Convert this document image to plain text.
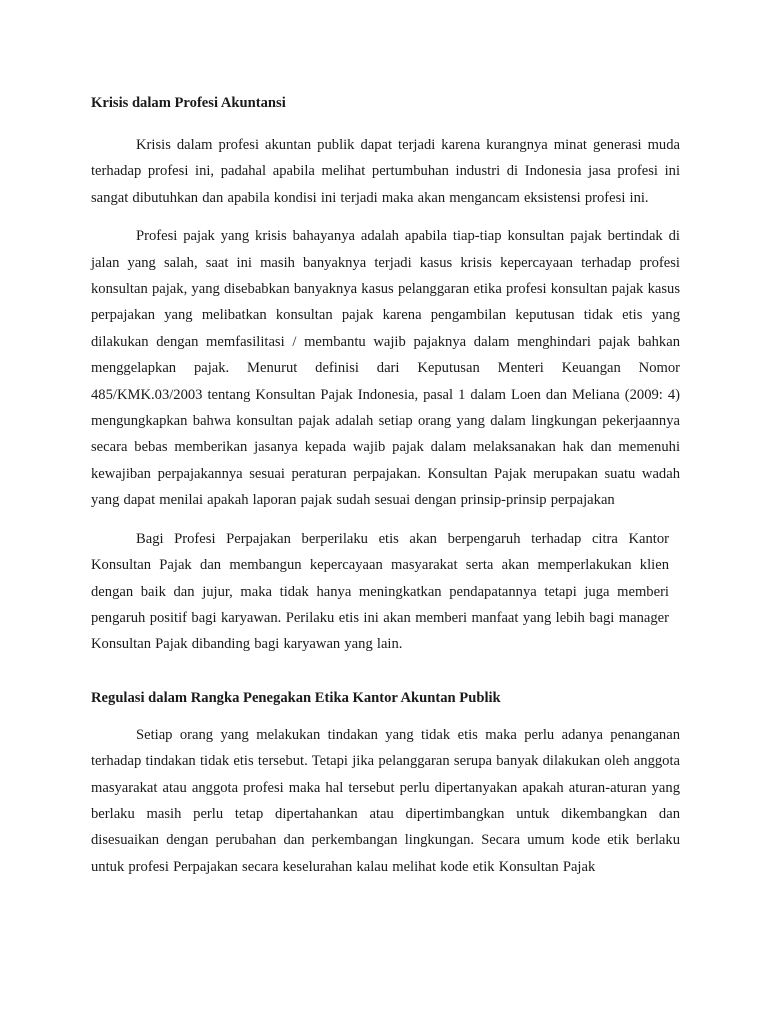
Krisis dalam Profesi Akuntansi

Krisis dalam profesi akuntan publik dapat terjadi karena kurangnya minat generasi muda terhadap profesi ini, padahal apabila melihat pertumbuhan industri di Indonesia jasa profesi ini sangat dibutuhkan dan apabila kondisi ini terjadi maka akan mengancam eksistensi profesi ini.

Profesi pajak yang krisis bahayanya adalah apabila tiap-tiap konsultan pajak bertindak di jalan yang salah, saat ini masih banyaknya terjadi kasus krisis kepercayaan terhadap profesi konsultan pajak, yang disebabkan banyaknya kasus pelanggaran etika profesi konsultan pajak kasus perpajakan yang melibatkan konsultan pajak karena pengambilan keputusan tidak etis yang dilakukan dengan memfasilitasi / membantu wajib pajaknya dalam menghindari pajak bahkan menggelapkan pajak. Menurut definisi dari Keputusan Menteri Keuangan Nomor 485/KMK.03/2003 tentang Konsultan Pajak Indonesia, pasal 1 dalam Loen dan Meliana (2009: 4) mengungkapkan bahwa konsultan pajak adalah setiap orang yang dalam lingkungan pekerjaannya secara bebas memberikan jasanya kepada wajib pajak dalam melaksanakan hak dan memenuhi kewajiban perpajakannya sesuai peraturan perpajakan. Konsultan Pajak merupakan suatu wadah yang dapat menilai apakah laporan pajak sudah sesuai dengan prinsip-prinsip perpajakan

Bagi Profesi Perpajakan berperilaku etis akan berpengaruh terhadap citra Kantor Konsultan Pajak dan membangun kepercayaan masyarakat serta akan memperlakukan klien dengan baik dan jujur, maka tidak hanya meningkatkan pendapatannya tetapi juga memberi pengaruh positif bagi karyawan. Perilaku etis ini akan memberi manfaat yang lebih bagi manager Konsultan Pajak dibanding bagi karyawan yang lain.

Regulasi dalam Rangka Penegakan Etika Kantor Akuntan Publik

Setiap orang yang melakukan tindakan yang tidak etis maka perlu adanya penanganan terhadap tindakan tidak etis tersebut. Tetapi jika pelanggaran serupa banyak dilakukan oleh anggota masyarakat atau anggota profesi maka hal tersebut perlu dipertanyakan apakah aturan-aturan yang berlaku masih perlu tetap dipertahankan atau dipertimbangkan untuk dikembangkan dan disesuaikan dengan perubahan dan perkembangan lingkungan. Secara umum kode etik berlaku untuk profesi Perpajakan secara keselurahan kalau melihat kode etik Konsultan Pajak
